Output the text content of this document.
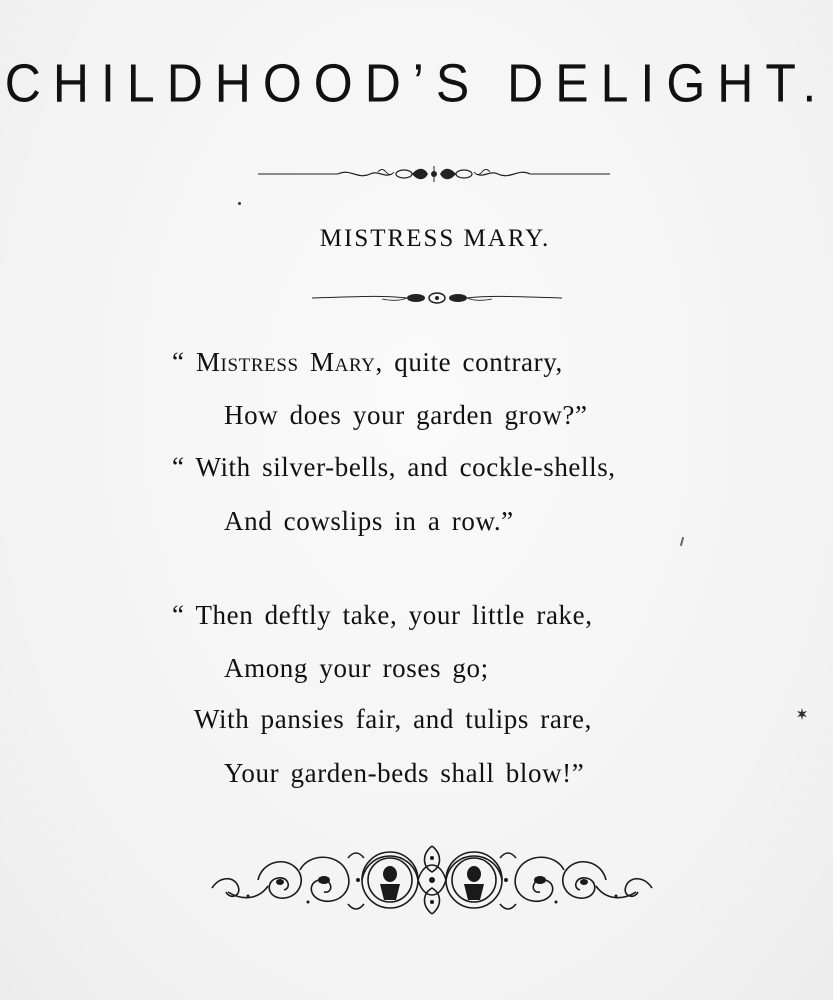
CHILDHOOD’S DELIGHT.
MISTRESS MARY.
“ Mistress Mary, quite contrary,
How does your garden grow?”
“ With silver-bells, and cockle-shells,
And cowslips in a row.”
“ Then deftly take, your little rake,
Among your roses go;
With pansies fair, and tulips rare,
Your garden-beds shall blow!”
